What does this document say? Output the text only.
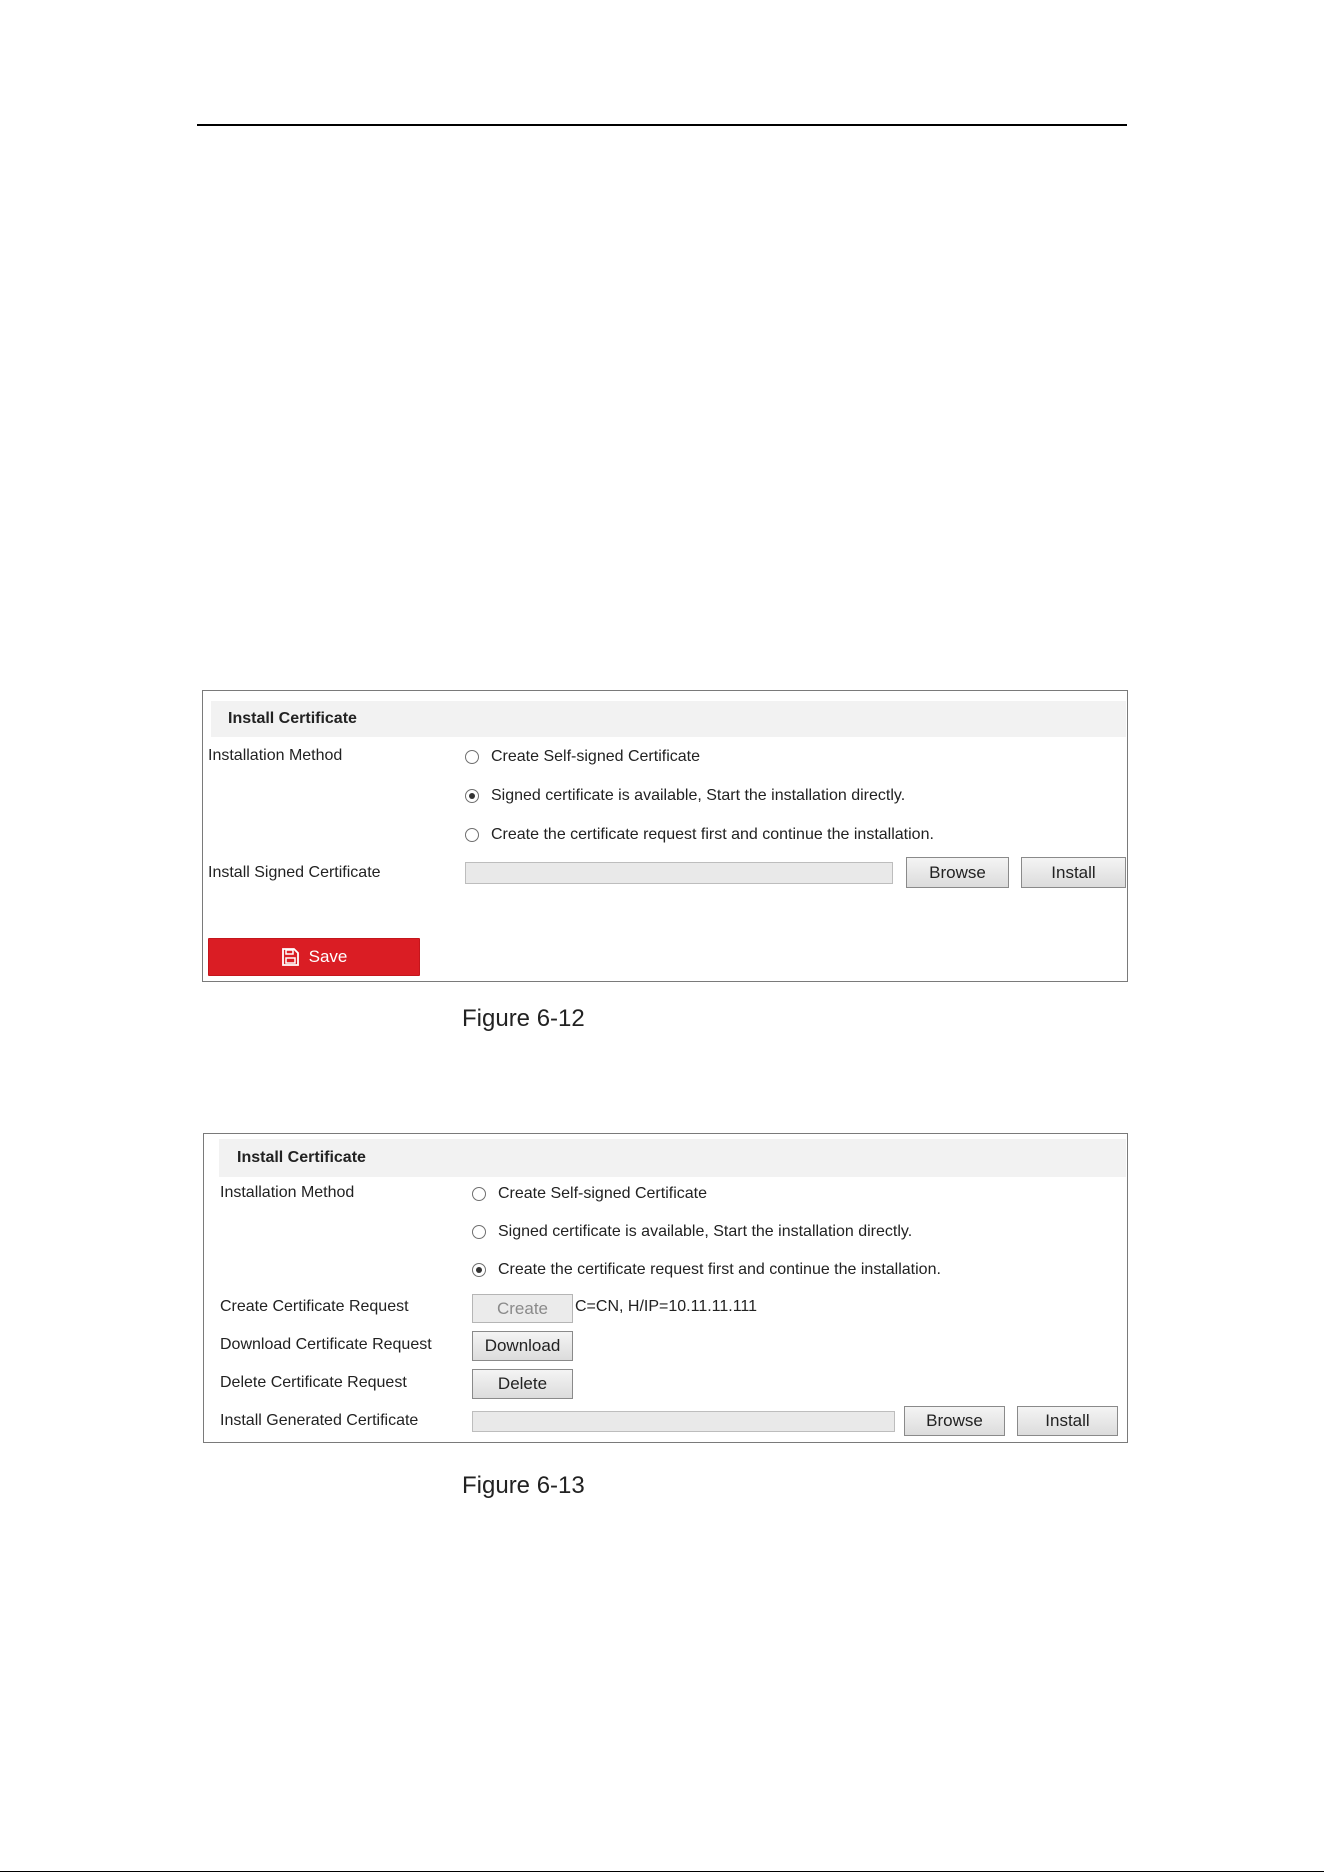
Install Certificate
Installation Method	Create Self-signed Certificate
Signed certificate is available, Start the installation directly.
Create the certificate request first and continue the installation.
Install Signed Certificate	Browse	Install
Save
Figure 6-12
Install Certificate
Installation Method	Create Self-signed Certificate
Signed certificate is available, Start the installation directly.
Create the certificate request first and continue the installation.
Create Certificate Request	Create	C=CN, H/IP=10.11.11.111
Download Certificate Request	Download
Delete Certificate Request	Delete
Install Generated Certificate	Browse	Install
Figure 6-13
